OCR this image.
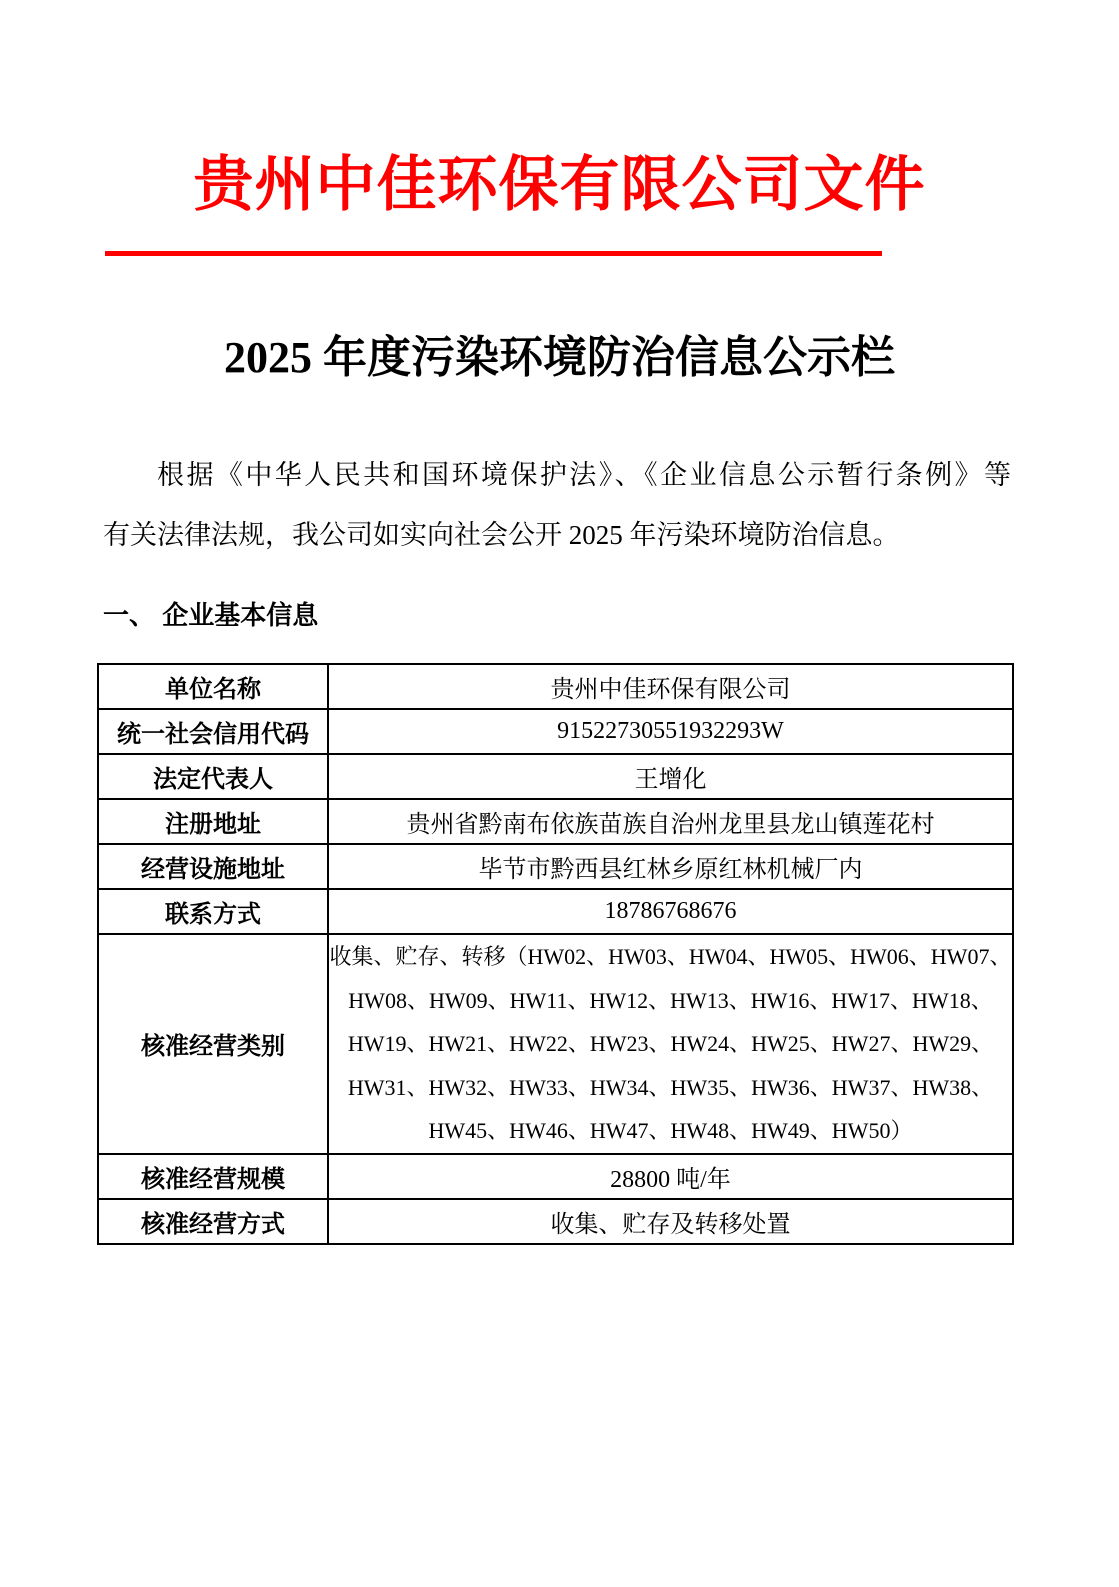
贵州中佳环保有限公司文件
2025 年度污染环境防治信息公示栏
根据《中华人民共和国环境保护法》、《企业信息公示暂行条例》等
有关法律法规，我公司如实向社会公开 2025 年污染环境防治信息。
一、 企业基本信息
单位名称	贵州中佳环保有限公司
统一社会信用代码	91522730551932293W
法定代表人	王增化
注册地址	贵州省黔南布依族苗族自治州龙里县龙山镇莲花村
经营设施地址	毕节市黔西县红林乡原红林机械厂内
联系方式	18786768676
核准经营类别	收集、贮存、转移（HW02、HW03、HW04、HW05、HW06、HW07、
HW08、HW09、HW11、HW12、HW13、HW16、HW17、HW18、
HW19、HW21、HW22、HW23、HW24、HW25、HW27、HW29、
HW31、HW32、HW33、HW34、HW35、HW36、HW37、HW38、
HW45、HW46、HW47、HW48、HW49、HW50）

核准经营规模	28800 吨/年
核准经营方式	收集、贮存及转移处置
